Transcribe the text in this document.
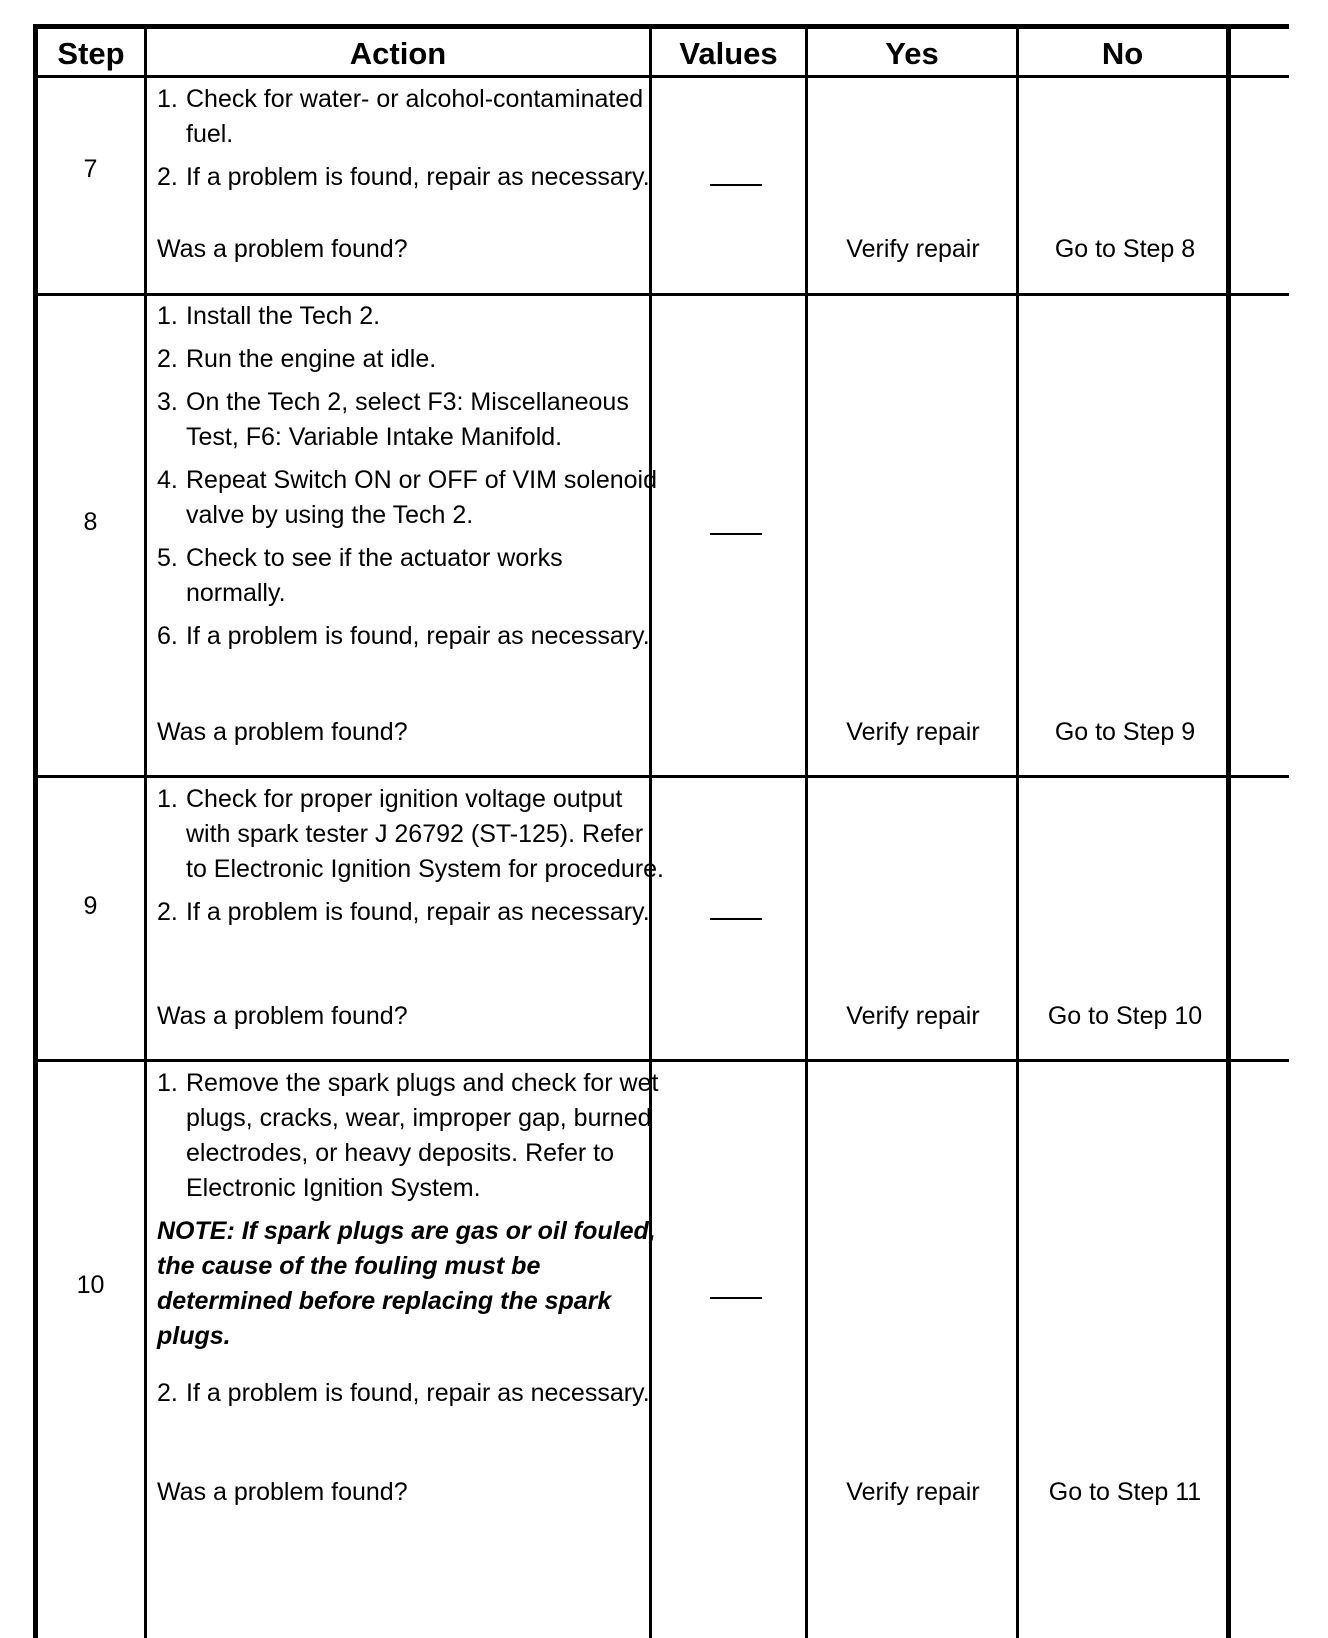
Step	Action	Values	Yes	No
7
1. Check for water- or alcohol-contaminated fuel.
2. If a problem is found, repair as necessary.
Was a problem found?	Verify repair	Go to Step 8
8
1. Install the Tech 2.
2. Run the engine at idle.
3. On the Tech 2, select F3: Miscellaneous Test, F6: Variable Intake Manifold.
4. Repeat Switch ON or OFF of VIM solenoid valve by using the Tech 2.
5. Check to see if the actuator works normally.
6. If a problem is found, repair as necessary.
Was a problem found?	Verify repair	Go to Step 9
9
1. Check for proper ignition voltage output with spark tester J 26792 (ST-125). Refer to Electronic Ignition System for procedure.
2. If a problem is found, repair as necessary.
Was a problem found?	Verify repair	Go to Step 10
10
1. Remove the spark plugs and check for wet plugs, cracks, wear, improper gap, burned electrodes, or heavy deposits. Refer to Electronic Ignition System.
NOTE: If spark plugs are gas or oil fouled, the cause of the fouling must be determined before replacing the spark plugs.
2. If a problem is found, repair as necessary.
Was a problem found?	Verify repair	Go to Step 11
